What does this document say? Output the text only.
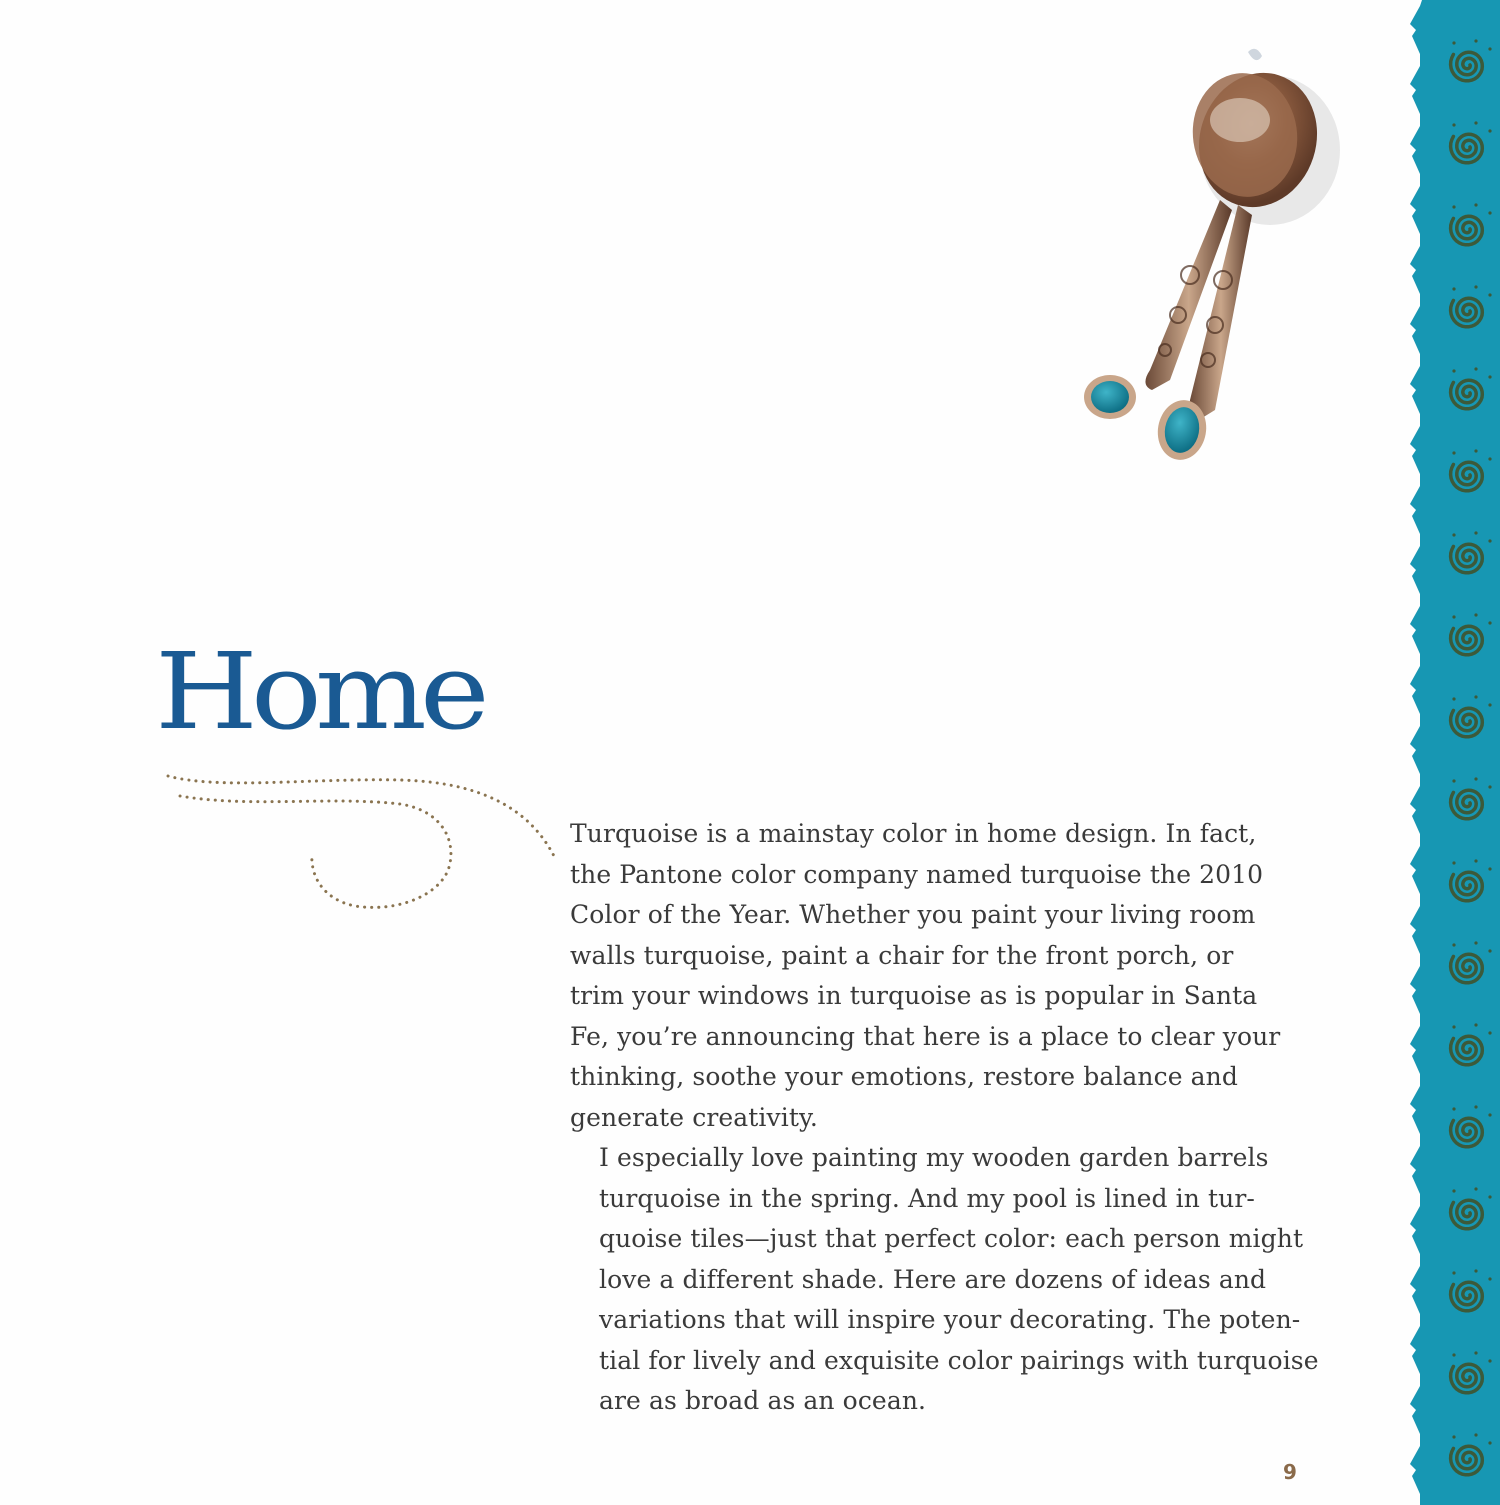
Home

Turquoise is a mainstay color in home design. In fact,
the Pantone color company named turquoise the 2010
Color of the Year. Whether you paint your living room
walls turquoise, paint a chair for the front porch, or
trim your windows in turquoise as is popular in Santa
Fe, you’re announcing that here is a place to clear your
thinking, soothe your emotions, restore balance and
generate creativity.

I especially love painting my wooden garden barrels
turquoise in the spring. And my pool is lined in tur-
quoise tiles—just that perfect color: each person might
love a different shade. Here are dozens of ideas and
variations that will inspire your decorating. The poten-
tial for lively and exquisite color pairings with turquoise
are as broad as an ocean.

9
